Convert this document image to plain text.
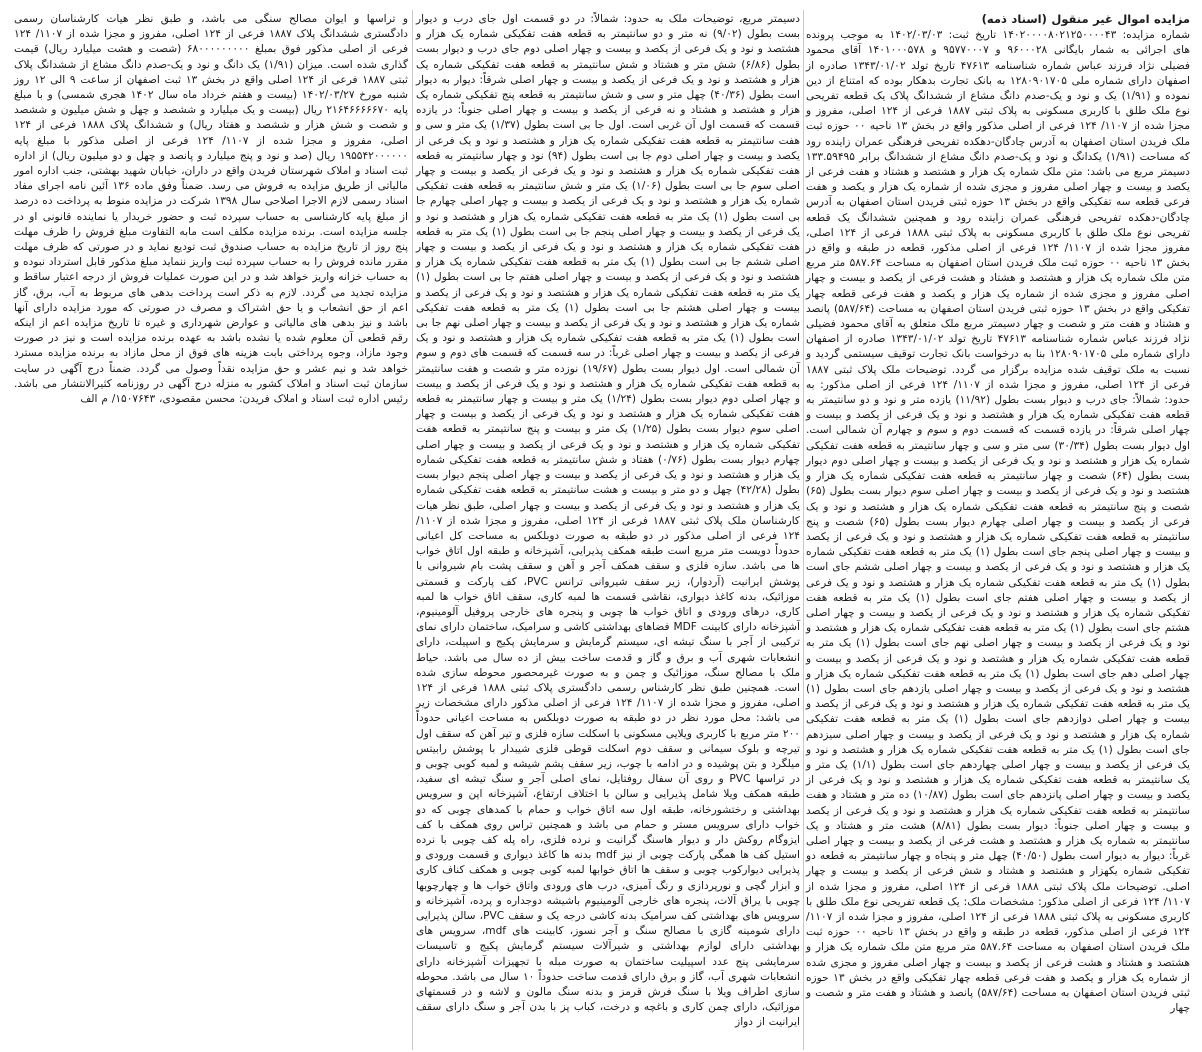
مزایده اموال غیر منقول (اسناد ذمه)
شماره مزایده: ۱۴۰۲۰۰۰۰۸۰۲۱۲۵۰۰۰۰۴۳ تاریخ ثبت: ۱۴۰۲/۰۳/۰۳ به موجب پرونده های اجرائی به شمار بایگانی ۹۶۰۰۰۲۸ و ۹۵۷۷۰۰۰۷ و ۱۴۰۱۰۰۰۵۷۸ آقای محمود فضیلی نژاد فرزند عباس شماره شناسنامه ۴۷۶۱۳ تاریخ تولد ۱۳۴۳/۰۱/۰۲ صادره از اصفهان دارای شماره ملی ۱۲۸۰۹۰۱۷۰۵ به بانک تجارت بدهکار بوده که امتناع از دین نموده و (۱/۹۱) یک و نود و یک-صدم دانگ مشاع از ششدانگ پلاک یک قطعه تفریحی نوع ملک طلق با کاربری مسکونی به پلاک ثبتی ۱۸۸۷ فرعی از ۱۲۴ اصلی، مفروز و مجزا شده از ۱۱۰۷/ ۱۲۴ فرعی از اصلی مذکور واقع در بخش ۱۳ ناحیه ۰۰ حوزه ثبت ملک فریدن استان اصفهان به آدرس چادگان-دهکده تفریحی فرهنگی عمران زاینده رود که مساحت (۱/۹۱) یکدانگ و نود و یک-صدم دانگ مشاع از ششدانگ برابر ۱۳۳.۵۹۴۹۵ دسیمتر مربع می باشد: متن ملک شماره یک هزار و هشتصد و هشتاد و هفت فرعی از یکصد و بیست و چهار اصلی مفروز و مجزی شده از شماره یک هزار و یکصد و هفت فرعی قطعه سه تفکیکی واقع در بخش ۱۳ حوزه ثبتی فریدن استان اصفهان به آدرس چادگان-دهکده تفریحی فرهنگی عمران زاینده رود و همچنین ششدانگ یک قطعه تفریحی نوع ملک طلق با کاربری مسکونی به پلاک ثبتی ۱۸۸۸ فرعی از ۱۲۴ اصلی، مفروز مجزا شده از ۱۱۰۷/ ۱۲۴ فرعی از اصلی مذکور، قطعه در طبقه و واقع در بخش ۱۳ ناحیه ۰۰ حوزه ثبت ملک فریدن استان اصفهان به مساحت ۵۸۷.۶۴ متر مربع متن ملک شماره یک هزار و هشتصد و هشتاد و هشت فرعی از یکصد و بیست و چهار اصلی مفروز و مجزی شده از شماره یک هزار و یکصد و هفت فرعی قطعه چهار تفکیکی واقع در بخش ۱۳ حوزه ثبتی فریدن استان اصفهان به مساحت (۵۸۷/۶۴) پانصد و هشتاد و هفت متر و شصت و چهار دسیمتر مربع ملک متعلق به آقای محمود فضیلی نژاد فرزند عباس شماره شناسنامه ۴۷۶۱۳ تاریخ تولد ۱۳۴۳/۰۱/۰۲ صادره از اصفهان دارای شماره ملی ۱۲۸۰۹۰۱۷۰۵ بنا به درخواست بانک تجارت توقیف سیستمی گردید و نسبت به ملک توقیف شده مزایده برگزار می گردد. توضیحات ملک پلاک ثبتی ۱۸۸۷ فرعی از ۱۲۴ اصلی، مفروز و مجزا شده از ۱۱۰۷/ ۱۲۴ فرعی از اصلی مذکور: به حدود: شمالاً: جای درب و دیوار بست بطول (۱۱/۹۲) یازده متر و نود و دو سانتیمتر به قطعه هفت تفکیکی شماره یک هزار و هشتصد و نود و یک فرعی از یکصد و بیست و چهار اصلی شرقاً: در یازده قسمت که قسمت دوم و سوم و چهارم آن شمالی است. اول دیوار بست بطول (۳۰/۳۴) سی متر و سی و چهار سانتیمتر به قطعه هفت تفکیکی شماره یک هزار و هشتصد و نود و یک فرعی از یکصد و بیست و چهار اصلی دوم دیوار بست بطول (۶۴) شصت و چهار سانتیمتر به قطعه هفت تفکیکی شماره یک هزار و هشتصد و نود و یک فرعی از یکصد و بیست و چهار اصلی سوم دیوار بست بطول (۶۵) شصت و پنج سانتیمتر به قطعه هفت تفکیکی شماره یک هزار و هشتصد و نود و یک فرعی از یکصد و بیست و چهار اصلی چهارم دیوار بست بطول (۶۵) شصت و پنج سانتیمتر به قطعه هفت تفکیکی شماره یک هزار و هشتصد و نود و یک فرعی از یکصد و بیست و چهار اصلی پنجم جای است بطول (۱) یک متر به قطعه هفت تفکیکی شماره یک هزار و هشتصد و نود و یک فرعی از یکصد و بیست و چهار اصلی ششم جای است بطول (۱) یک متر به قطعه هفت تفکیکی شماره یک هزار و هشتصد و نود و یک فرعی از یکصد و بیست و چهار اصلی هفتم جای است بطول (۱) یک متر به قطعه هفت تفکیکی شماره یک هزار و هشتصد و نود و یک فرعی از یکصد و بیست و چهار اصلی هشتم جای است بطول (۱) یک متر به قطعه هفت تفکیکی شماره یک هزار و هشتصد و نود و یک فرعی از یکصد و بیست و چهار اصلی نهم جای است بطول (۱) یک متر به قطعه هفت تفکیکی شماره یک هزار و هشتصد و نود و یک فرعی از یکصد و بیست و چهار اصلی دهم جای است بطول (۱) یک متر به قطعه هفت تفکیکی شماره یک هزار و هشتصد و نود و یک فرعی از یکصد و بیست و چهار اصلی یازدهم جای است بطول (۱) یک متر به قطعه هفت تفکیکی شماره یک هزار و هشتصد و نود و یک فرعی از یکصد و بیست و چهار اصلی دوازدهم جای است بطول (۱) یک متر به قطعه هفت تفکیکی شماره یک هزار و هشتصد و نود و یک فرعی از یکصد و بیست و چهار اصلی سیزدهم جای است بطول (۱) یک متر به قطعه هفت تفکیکی شماره یک هزار و هشتصد و نود و یک فرعی از یکصد و بیست و چهار اصلی چهاردهم جای است بطول (۱/۱) یک متر و یک سانتیمتر به قطعه هفت تفکیکی شماره یک هزار و هشتصد و نود و یک فرعی از یکصد و بیست و چهار اصلی پانزدهم جای است بطول (۱۰/۸۷) ده متر و هشتاد و هفت سانتیمتر به قطعه هفت تفکیکی شماره یک هزار و هشتصد و نود و یک فرعی از یکصد و بیست و چهار اصلی جنوباً: دیوار بست بطول (۸/۸۱) هشت متر و هشتاد و یک سانتیمتر به شماره یک هزار و هشتصد و هشت فرعی از یکصد و بیست و چهار اصلی غرباً: دیوار به دیوار است بطول (۴۰/۵۰) چهل متر و پنجاه و چهار سانتیمتر به قطعه دو تفکیکی شماره یکهزار و هشتصد و هشتاد و شش فرعی از یکصد و بیست و چهار اصلی. توضیحات ملک پلاک ثبتی ۱۸۸۸ فرعی از ۱۲۴ اصلی، مفروز و مجزا شده از ۱۱۰۷/ ۱۲۴ فرعی از اصلی مذکور: مشخصات ملک: یک قطعه تفریحی نوع ملک طلق با کاربری مسکونی به پلاک ثبتی ۱۸۸۸ فرعی از ۱۲۴ اصلی، مفروز و مجزا شده از ۱۱۰۷/ ۱۲۴ فرعی از اصلی مذکور، قطعه در طبقه و واقع در بخش ۱۳ ناحیه ۰۰ حوزه ثبت ملک فریدن استان اصفهان به مساحت ۵۸۷.۶۴ متر مربع متن ملک شماره یک هزار و هشتصد و هشتاد و هشت فرعی از یکصد و بیست و چهار اصلی مفروز و مجزی شده از شماره یک هزار و یکصد و هفت فرعی قطعه چهار تفکیکی واقع در بخش ۱۳ حوزه ثبتی فریدن استان اصفهان به مساحت (۵۸۷/۶۴) پانصد و هشتاد و هفت متر و شصت و چهار
دسیمتر مربع، توضیحات ملک به حدود: شمالاً: در دو قسمت اول جای درب و دیوار بست بطول (۹/۰۲) نه متر و دو سانتیمتر به قطعه هفت تفکیکی شماره یک هزار و هشتصد و نود و یک فرعی از یکصد و بیست و چهار اصلی دوم جای درب و دیوار بست بطول (۶/۸۶) شش متر و هشتاد و شش سانتیمتر به قطعه هفت تفکیکی شماره یک هزار و هشتصد و نود و یک فرعی از یکصد و بیست و چهار اصلی شرقاً: دیوار به دیوار است بطول (۴۰/۳۶) چهل متر و سی و شش سانتیمتر به قطعه پنج تفکیکی شماره یک هزار و هشتصد و هشتاد و نه فرعی از یکصد و بیست و چهار اصلی جنوباً: در یازده قسمت که قسمت اول آن غربی است. اول جا بی است بطول (۱/۳۷) یک متر و سی و هفت سانتیمتر به قطعه هفت تفکیکی شماره یک هزار و هشتصد و نود و یک فرعی از یکصد و بیست و چهار اصلی دوم جا بی است بطول (۹۴) نود و چهار سانتیمتر به قطعه هفت تفکیکی شماره یک هزار و هشتصد و نود و یک فرعی از یکصد و بیست و چهار اصلی سوم جا بی است بطول (۱/۰۶) یک متر و شش سانتیمتر به قطعه هفت تفکیکی شماره یک هزار و هشتصد و نود و یک فرعی از یکصد و بیست و چهار اصلی چهارم جا بی است بطول (۱) یک متر به قطعه هفت تفکیکی شماره یک هزار و هشتصد و نود و یک فرعی از یکصد و بیست و چهار اصلی پنجم جا بی است بطول (۱) یک متر به قطعه هفت تفکیکی شماره یک هزار و هشتصد و نود و یک فرعی از یکصد و بیست و چهار اصلی ششم جا بی است بطول (۱) یک متر به قطعه هفت تفکیکی شماره یک هزار و هشتصد و نود و یک فرعی از یکصد و بیست و چهار اصلی هفتم جا بی است بطول (۱) یک متر به قطعه هفت تفکیکی شماره یک هزار و هشتصد و نود و یک فرعی از یکصد و بیست و چهار اصلی هشتم جا بی است بطول (۱) یک متر به قطعه هفت تفکیکی شماره یک هزار و هشتصد و نود و یک فرعی از یکصد و بیست و چهار اصلی نهم جا بی است بطول (۱) یک متر به قطعه هفت تفکیکی شماره یک هزار و هشتصد و نود و یک فرعی از یکصد و بیست و چهار اصلی غرباً: در سه قسمت که قسمت های دوم و سوم آن شمالی است. اول دیوار بست بطول (۱۹/۶۷) نوزده متر و شصت و هفت سانتیمتر به قطعه هفت تفکیکی شماره یک هزار و هشتصد و نود و یک فرعی از یکصد و بیست و چهار اصلی دوم دیوار بست بطول (۱/۲۴) یک متر و بیست و چهار سانتیمتر به قطعه هفت تفکیکی شماره یک هزار و هشتصد و نود و یک فرعی از یکصد و بیست و چهار اصلی سوم دیوار بست بطول (۱/۲۵) یک متر و بیست و پنج سانتیمتر به قطعه هفت تفکیکی شماره یک هزار و هشتصد و نود و یک فرعی از یکصد و بیست و چهار اصلی چهارم دیوار بست بطول (۰/۷۶) هفتاد و شش سانتیمتر به قطعه هفت تفکیکی شماره یک هزار و هشتصد و نود و یک فرعی از یکصد و بیست و چهار اصلی پنجم دیوار بست بطول (۴۲/۲۸) چهل و دو متر و بیست و هشت سانتیمتر به قطعه هفت تفکیکی شماره یک هزار و هشتصد و نود و یک فرعی از یکصد و بیست و چهار اصلی، طبق نظر هیات کارشناسان ملک پلاک ثبتی ۱۸۸۷ فرعی از ۱۲۴ اصلی، مفروز و مجزا شده از ۱۱۰۷/ ۱۲۴ فرعی از اصلی مذکور در دو طبقه به صورت دوبلکس به مساحت کل اعیانی حدوداً دویست متر مربع است طبقه همکف پذیرایی، آشپزخانه و طبقه اول اتاق خواب ها می باشد. سازه فلزی و سقف همکف آجر و آهن و سقف پشت بام شیروانی با پوشش ایرانیت (آردوار)، زیر سقف شیروانی ترانس PVC، کف پارکت و قسمتی موزائیک، بدنه کاغذ دیواری، نقاشی قسمت ها لمبه کاری، سقف اتاق خواب ها لمبه کاری، درهای ورودی و اتاق خواب ها چوبی و پنجره های خارجی پروفیل آلومینیوم، آشپزخانه دارای کابینت MDF فضاهای بهداشتی کاشی و سرامیک، ساختمان دارای نمای ترکیبی از آجر با سنگ تیشه ای، سیستم گرمایش و سرمایش پکیج و اسپیلت، دارای انشعابات شهری آب و برق و گاز و قدمت ساخت بیش از ده سال می باشد. حیاط ملک با مصالح سنگ، موزائیک و چمن و به صورت غیرمحصور محوطه سازی شده است. همچنین طبق نظر کارشناس رسمی دادگستری پلاک ثبتی ۱۸۸۸ فرعی از ۱۲۴ اصلی، مفروز و مجزا شده از ۱۱۰۷/ ۱۲۴ فرعی از اصلی مذکور دارای مشخصات زیر می باشد: محل مورد نظر در دو طبقه به صورت دوبلکس به مساحت اعیانی حدوداً ۲۰۰ متر مربع با کاربری ویلایی مسکونی با اسکلت سازه فلزی و تیر آهن که سقف اول تیرچه و بلوک سیمانی و سقف دوم اسکلت قوطی فلزی شیبدار با پوشش رابیتس میلگرد و بتن پوشیده و در ادامه با چوب، زیر سقف پشم شیشه و لمبه کوبی چوبی و در تراسها PVC و روی آن سفال روفتایل، نمای اصلی آجر و سنگ تیشه ای سفید، طبقه همکف ویلا شامل پذیرایی و سالن با اختلاف ارتفاع، آشپزخانه اپن و سرویس بهداشتی و رختشورخانه، طبقه اول سه اتاق خواب و حمام با کمدهای چوبی که دو خواب دارای سرویس مستر و حمام می باشد و همچنین تراس روی همکف با کف ایزوگام روکش دار و دیوار هاسنگ گرانیت و نرده فلزی، راه پله کف چوبی با نرده استیل کف ها همگی پارکت چوبی از نیز mdf بدنه ها کاغذ دیواری و قسمت ورودی و پذیرایی دیوارکوب چوبی و سقف ها اتاق خوابها لمبه کوبی چوبی و همکف کناف کاری و ابزار گچی و نورپردازی و رنگ آمیزی، درب های ورودی واتاق خواب ها و چهارچوبها چوبی با یراق آلات، پنجره های خارجی آلومینیوم باشیشه دوجداره و پرده، آشپزخانه و سرویس های بهداشتی کف سرامیک بدنه کاشی درجه یک و سقف PVC، سالن پذیرایی دارای شومینه گازی با مصالح سنگ و آجر نسوز، کابینت های mdf، سرویس های بهداشتی دارای لوازم بهداشتی و شیرآلات سیستم گرمایش پکیج و تاسیسات سرمایشی پنج عدد اسپیلیت ساختمان به صورت مبله با تجهیزات آشپزخانه دارای انشعابات شهری آب، گاز و برق دارای قدمت ساخت حدوداً ۱۰ سال می باشد. محوطه سازی اطراف ویلا با سنگ فرش قرمز و بدنه سنگ مالون و لاشه و در قسمتهای موزائیک، دارای چمن کاری و باغچه و درخت، کباب پز با بدن آجر و سنگ دارای سقف ایرانیت از دواز
و تراسها و ایوان مصالح سنگی می باشد، و طبق نظر هیات کارشناسان رسمی دادگستری ششدانگ پلاک ۱۸۸۷ فرعی از ۱۲۴ اصلی، مفروز و مجزا شده از ۱۱۰۷/ ۱۲۴ فرعی از اصلی مذکور فوق بمبلغ ۶۸۰۰۰۰۰۰۰۰۰ (شصت و هشت میلیارد ریال) قیمت گذاری شده است. میزان (۱/۹۱) یک دانگ و نود و یک-صدم دانگ مشاع از ششدانگ پلاک ثبتی ۱۸۸۷ فرعی از ۱۲۴ اصلی واقع در بخش ۱۳ ثبت اصفهان از ساعت ۹ الی ۱۲ روز شنبه مورخ ۱۴۰۲/۰۳/۲۷ (بیست و هفتم خرداد ماه سال ۱۴۰۲ هجری شمسی) و با مبلغ پایه ۲۱۶۴۶۶۶۶۶۷۰ ریال (بیست و یک میلیارد و ششصد و چهل و شش میلیون و ششصد و شصت و شش هزار و ششصد و هفتاد ریال) و ششدانگ پلاک ۱۸۸۸ فرعی از ۱۲۴ اصلی، مفروز و مجزا شده از ۱۱۰۷/ ۱۲۴ فرعی از اصلی مذکور با مبلغ پایه ۱۹۵۵۴۲۰۰۰۰۰۰ ریال (صد و نود و پنج میلیارد و پانصد و چهل و دو میلیون ریال) از اداره ثبت اسناد و املاک شهرستان فریدن واقع در داران، خیابان شهید بهشتی، جنب اداره امور مالیاتی از طریق مزایده به فروش می رسد. ضمناً وفق ماده ۱۳۶ آئین نامه اجرای مفاد اسناد رسمی لازم الاجرا اصلاحی سال ۱۳۹۸ شرکت در مزایده منوط به پرداخت ده درصد از مبلغ پایه کارشناسی به حساب سپرده ثبت و حضور خریدار یا نماینده قانونی او در جلسه مزایده است. برنده مزایده مکلف است مابه التفاوت مبلغ فروش را ظرف مهلت پنج روز از تاریخ مزایده به حساب صندوق ثبت تودیع نماید و در صورتی که ظرف مهلت مقرر مانده فروش را به حساب سپرده ثبت واریز ننماید مبلغ مذکور قابل استرداد نبوده و به حساب خزانه واریز خواهد شد و در این صورت عملیات فروش از درجه اعتبار ساقط و مزایده تجدید می گردد. لازم به ذکر است پرداخت بدهی های مربوط به آب، برق، گاز اعم از حق انشعاب و یا حق اشتراک و مصرف در صورتی که مورد مزایده دارای آنها باشد و نیز بدهی های مالیاتی و عوارض شهرداری و غیره تا تاریخ مزایده اعم از اینکه رقم قطعی آن معلوم شده یا نشده باشد به عهده برنده مزایده است و نیز در صورت وجود مازاد، وجوه پرداختی بابت هزینه های فوق از محل مازاد به برنده مزایده مسترد خواهد شد و نیم عشر و حق مزایده نقداً وصول می گردد. ضمناً درج آگهی در سایت سازمان ثبت اسناد و املاک کشور به منزله درج آگهی در روزنامه کثیرالانتشار می باشد. رئیس اداره ثبت اسناد و املاک فریدن: محسن مقصودی، ۱۵۰۷۶۴۳/ م الف
